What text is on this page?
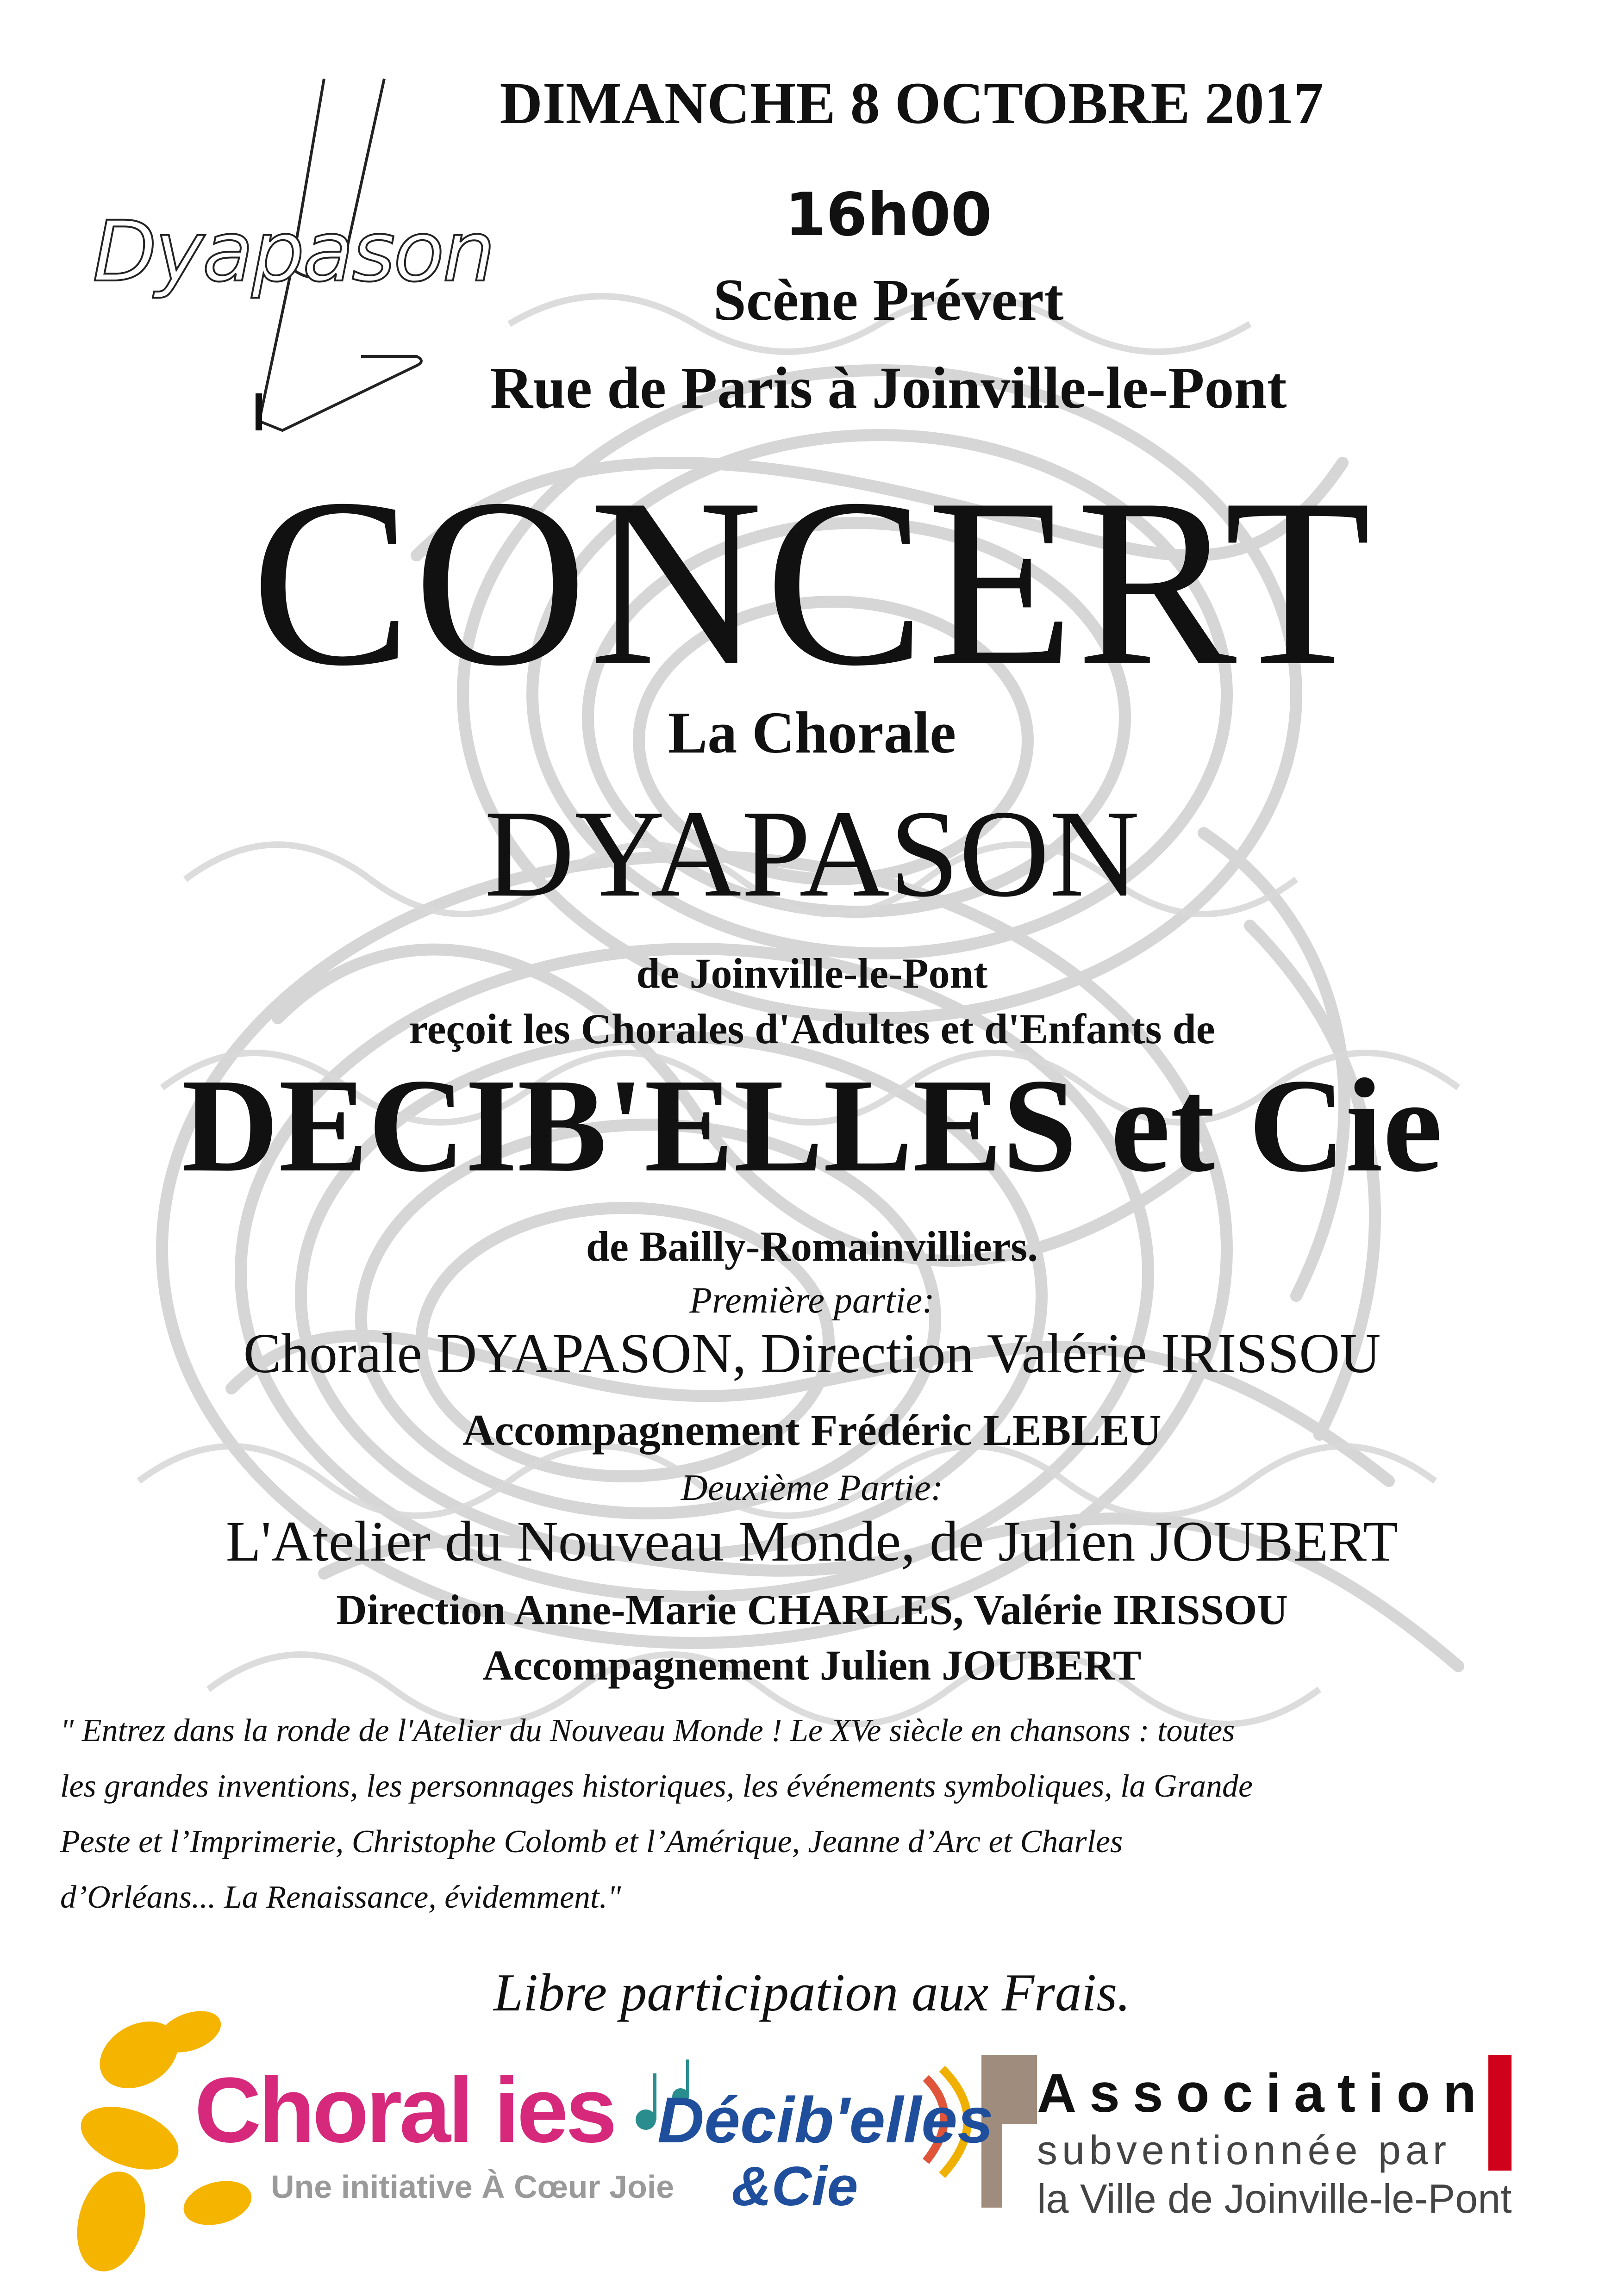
Dyapason
DIMANCHE 8 OCTOBRE 2017
16h00
Scène Prévert
Rue de Paris à Joinville-le-Pont
CONCERT
La Chorale
DYAPASON
de Joinville-le-Pont
reçoit les Chorales d'Adultes et d'Enfants de
DECIB'ELLES et Cie
de Bailly-Romainvilliers.
Première partie:
Chorale DYAPASON, Direction Valérie IRISSOU
Accompagnement Frédéric LEBLEU
Deuxième Partie:
L'Atelier du Nouveau Monde, de Julien JOUBERT
Direction Anne-Marie CHARLES, Valérie IRISSOU
Accompagnement Julien JOUBERT
" Entrez dans la ronde de l'Atelier du Nouveau Monde ! Le XVe siècle en chansons : toutes
les grandes inventions, les personnages historiques, les événements symboliques, la Grande
Peste et l’Imprimerie, Christophe Colomb et l’Amérique, Jeanne d’Arc et Charles
d’Orléans... La Renaissance, évidemment."
Libre participation aux Frais.
Choral ies
Une initiative À Cœur Joie
Décib'elles
&Cie
Association
subventionnée par
la Ville de Joinville-le-Pont
